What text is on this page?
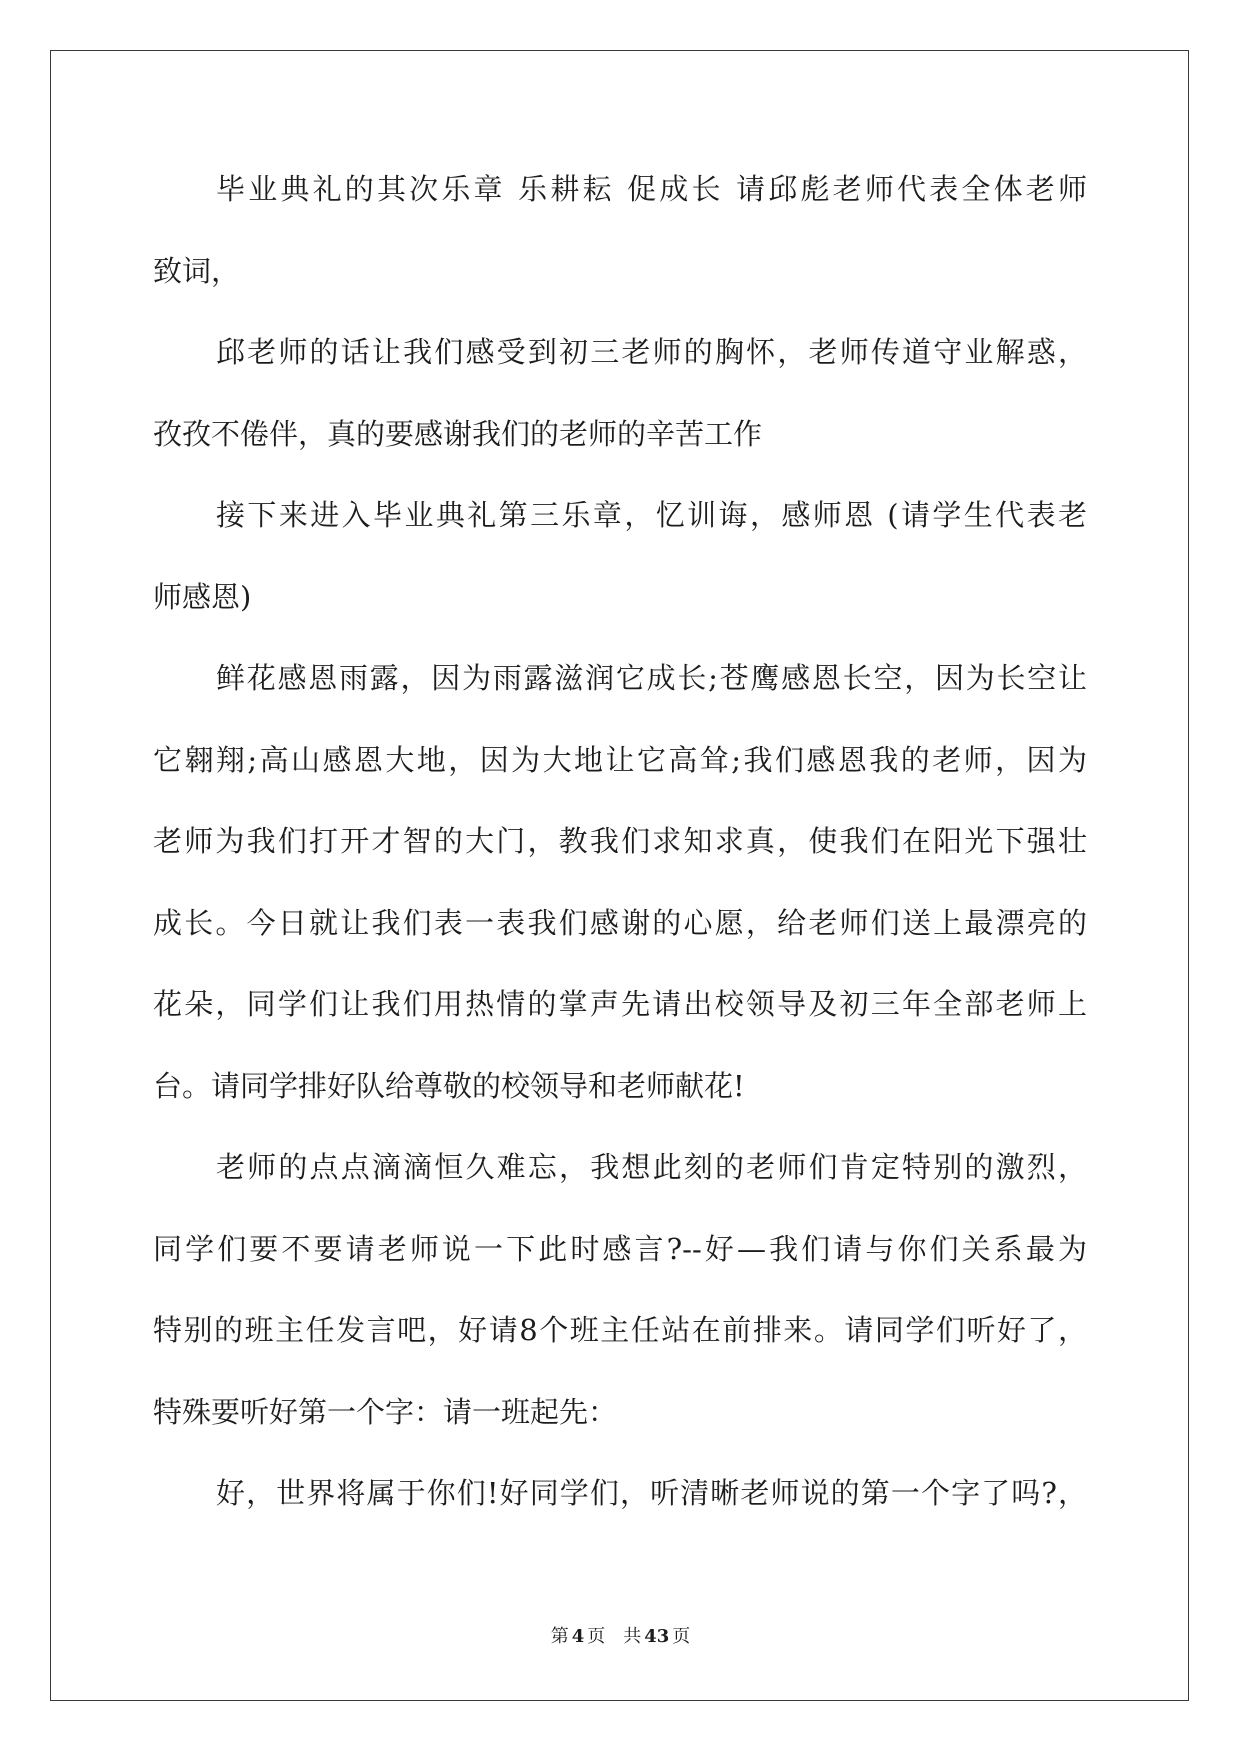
毕业典礼的其次乐章 乐耕耘 促成长 请邱彪老师代表全体老师
致词，
邱老师的话让我们感受到初三老师的胸怀，老师传道守业解惑，
孜孜不倦伴，真的要感谢我们的老师的辛苦工作
接下来进入毕业典礼第三乐章，忆训诲，感师恩 (请学生代表老
师感恩)
鲜花感恩雨露，因为雨露滋润它成长;苍鹰感恩长空，因为长空让
它翱翔;高山感恩大地，因为大地让它高耸;我们感恩我的老师，因为
老师为我们打开才智的大门，教我们求知求真，使我们在阳光下强壮
成长。今日就让我们表一表我们感谢的心愿，给老师们送上最漂亮的
花朵，同学们让我们用热情的掌声先请出校领导及初三年全部老师上
台。请同学排好队给尊敬的校领导和老师献花!
老师的点点滴滴恒久难忘，我想此刻的老师们肯定特别的激烈，
同学们要不要请老师说一下此时感言?--好—我们请与你们关系最为
特别的班主任发言吧，好请8个班主任站在前排来。请同学们听好了，
特殊要听好第一个字：请一班起先：
好，世界将属于你们!好同学们，听清晰老师说的第一个字了吗?，
第 4 页 共 43 页
